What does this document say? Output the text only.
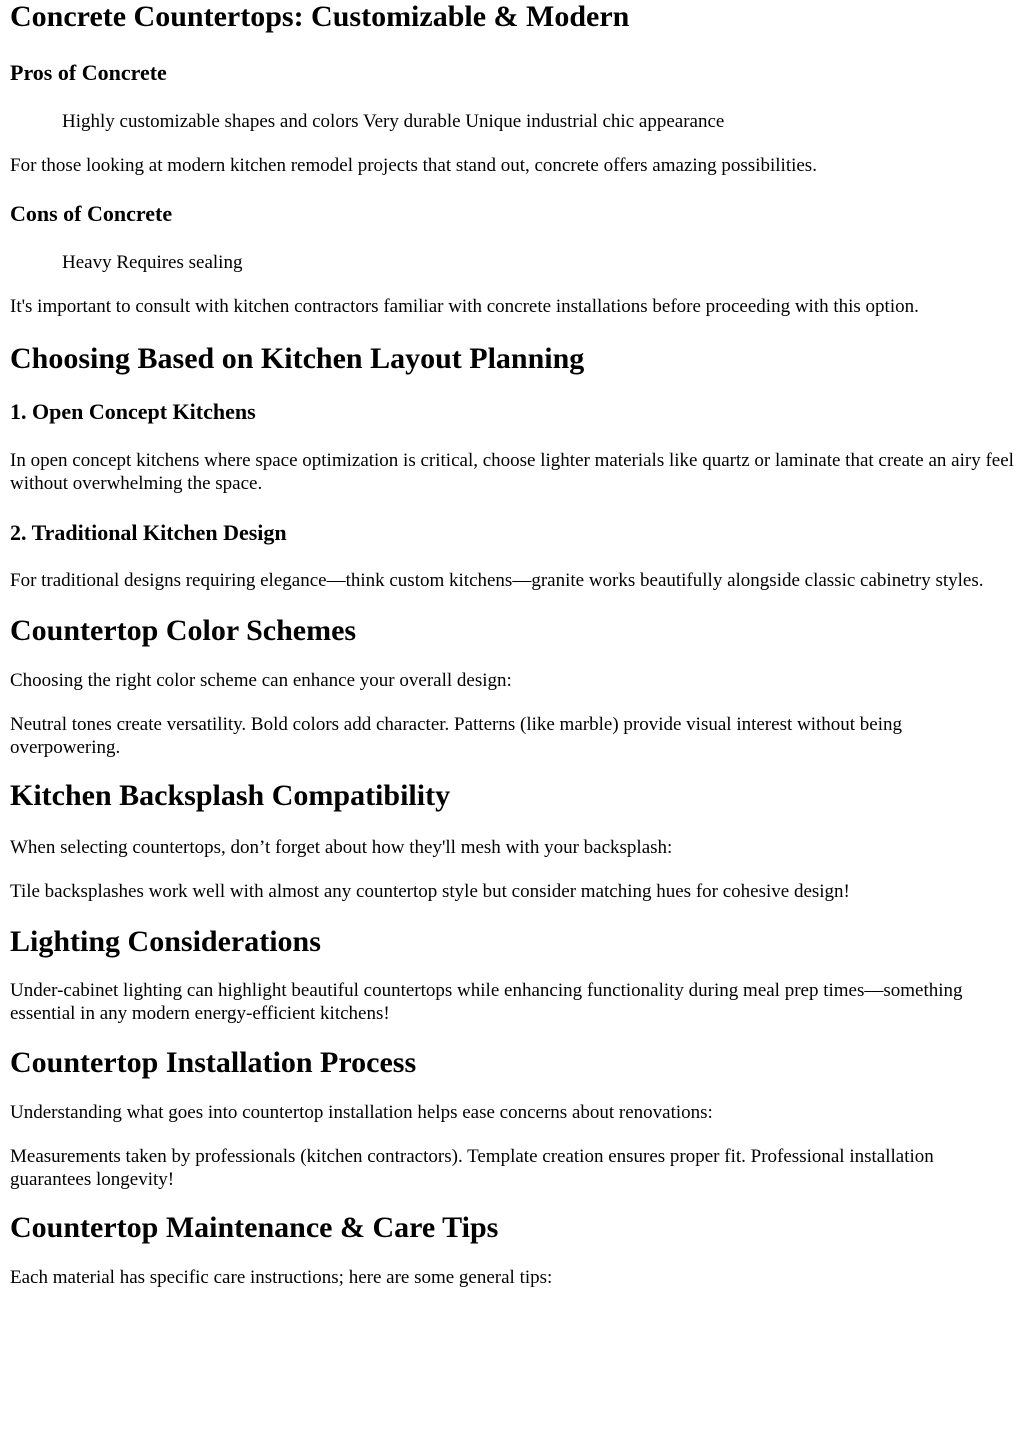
Concrete Countertops: Customizable & Modern
Pros of Concrete
Highly customizable shapes and colors Very durable Unique industrial chic appearance

For those looking at modern kitchen remodel projects that stand out, concrete offers amazing possibilities.

Cons of Concrete
Heavy Requires sealing

It's important to consult with kitchen contractors familiar with concrete installations before proceeding with this option.

Choosing Based on Kitchen Layout Planning
1. Open Concept Kitchens

In open concept kitchens where space optimization is critical, choose lighter materials like quartz or laminate that create an airy feel without overwhelming the space.

2. Traditional Kitchen Design

For traditional designs requiring elegance—think custom kitchens—granite works beautifully alongside classic cabinetry styles.

Countertop Color Schemes

Choosing the right color scheme can enhance your overall design:

Neutral tones create versatility. Bold colors add character. Patterns (like marble) provide visual interest without being overpowering.

Kitchen Backsplash Compatibility

When selecting countertops, don’t forget about how they'll mesh with your backsplash:

Tile backsplashes work well with almost any countertop style but consider matching hues for cohesive design!

Lighting Considerations

Under-cabinet lighting can highlight beautiful countertops while enhancing functionality during meal prep times—something essential in any modern energy-efficient kitchens!

Countertop Installation Process

Understanding what goes into countertop installation helps ease concerns about renovations:

Measurements taken by professionals (kitchen contractors). Template creation ensures proper fit. Professional installation guarantees longevity!

Countertop Maintenance & Care Tips

Each material has specific care instructions; here are some general tips:
